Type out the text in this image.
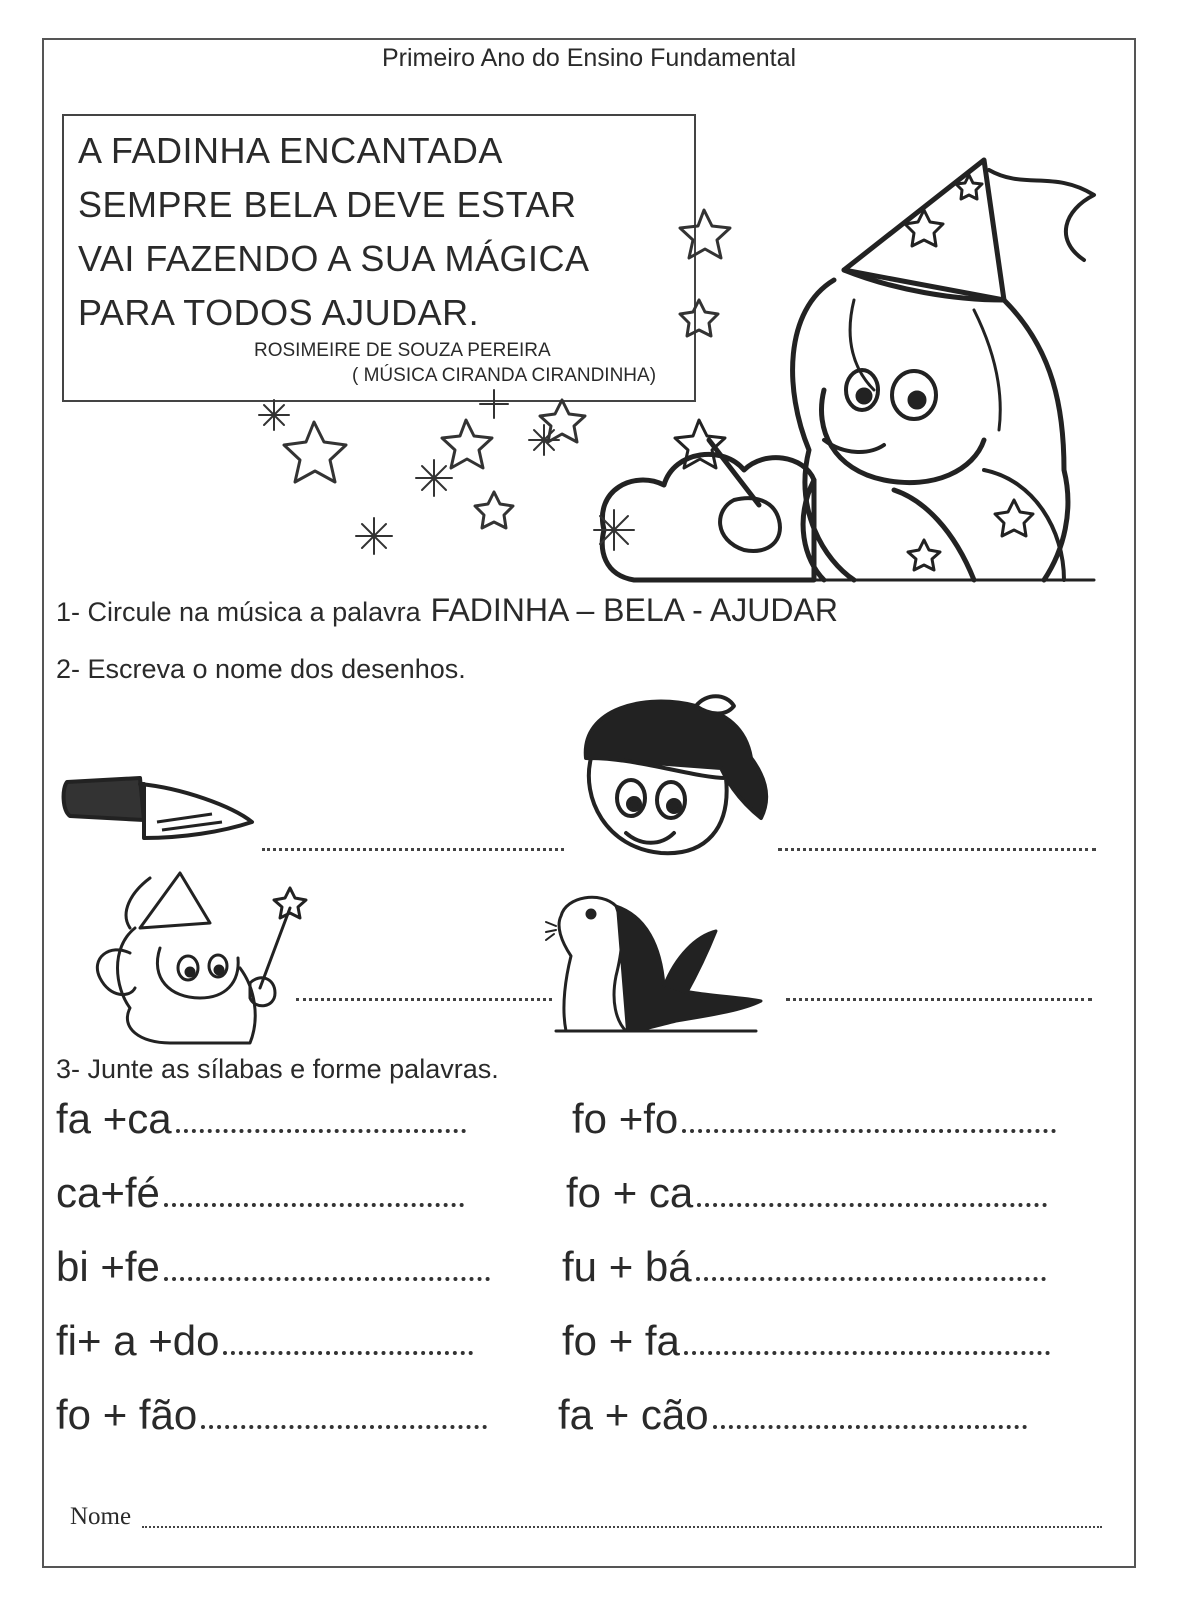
Primeiro Ano do Ensino Fundamental
A FADINHA ENCANTADA
SEMPRE BELA DEVE ESTAR
VAI FAZENDO A SUA MÁGICA
PARA TODOS AJUDAR.
ROSIMEIRE DE SOUZA PEREIRA
( MÚSICA CIRANDA CIRANDINHA)
1- Circule na música a palavra FADINHA – BELA - AJUDAR
2- Escreva o nome dos desenhos.
3- Junte as sílabas e forme palavras.
fa +ca
ca+fé
bi +fe
fi+ a +do
fo + fão
fo +fo
fo + ca
fu + bá
fo + fa
fa + cão
Nome
